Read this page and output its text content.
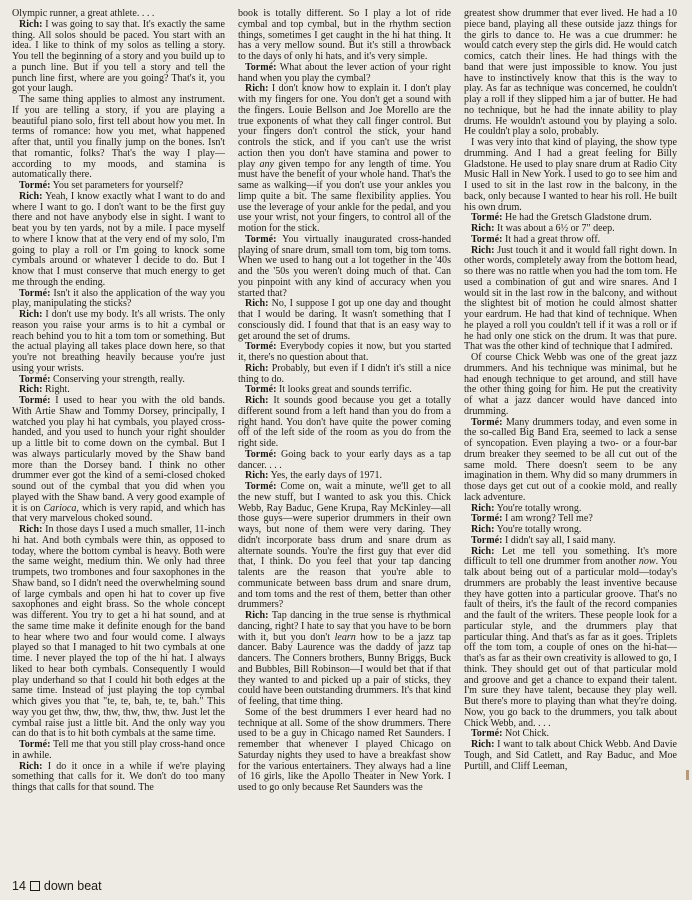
Olympic runner, a great athlete. . . .

Rich: I was going to say that. It's exactly the same thing. All solos should be paced. You start with an idea. I like to think of my solos as telling a story. You tell the beginning of a story and you build up to a punch line. But if you tell a story and tell the punch line first, where are you going? That's it, you got your laugh.

The same thing applies to almost any instrument. If you are telling a story, if you are playing a beautiful piano solo, first tell about how you met. In terms of romance: how you met, what happened after that, until you finally jump on the bones. Isn't that romantic, folks? That's the way I play—according to my moods, and stamina is automatically there.

Tormé: You set parameters for yourself?

Rich: Yeah, I know exactly what I want to do and where I want to go. I don't want to be the first guy there and not have anybody else in sight. I want to beat you by ten yards, not by a mile. I pace myself to where I know that at the very end of my solo, I'm going to play a roll or I'm going to knock some cymbals around or whatever I decide to do. But I know that I must conserve that much energy to get me through the ending.

Tormé: Isn't it also the application of the way you play, manipulating the sticks?

Rich: I don't use my body. It's all wrists. The only reason you raise your arms is to hit a cymbal or reach behind you to hit a tom tom or something. But the actual playing all takes place down here, so that you're not breathing heavily because you're just using your wrists.

Tormé: Conserving your strength, really.

Rich: Right.

Tormé: I used to hear you with the old bands. With Artie Shaw and Tommy Dorsey, principally, I watched you play hi hat cymbals, you played cross-handed, and you used to hunch your right shoulder up a little bit to come down on the cymbal. But I was always particularly moved by the Shaw band more than the Dorsey band. I think no other drummer ever got the kind of a semi-closed choked sound out of the cymbal that you did when you played with the Shaw band. A very good example of it is on Carioca, which is very rapid, and which has that very marvelous choked sound.

Rich: In those days I used a much smaller, 11-inch hi hat. And both cymbals were thin, as opposed to today, where the bottom cymbal is heavy. Both were the same weight, medium thin. We only had three trumpets, two trombones and four saxophones in the Shaw band, so I didn't need the overwhelming sound of large cymbals and open hi hat to cover up five saxophones and eight brass. So the whole concept was different. You try to get a hi hat sound, and at the same time make it definite enough for the band to hear where two and four would come. I always played so that I managed to hit two cymbals at one time. I never played the top of the hi hat. I always liked to hear both cymbals. Consequently I would play underhand so that I could hit both edges at the same time. Instead of just playing the top cymbal which gives you that "te, te, bah, te, te, bah." This way you get thw, thw, thw, thw, thw, thw. Just let the cymbal raise just a little bit. And the only way you can do that is to hit both cymbals at the same time.

Tormé: Tell me that you still play cross-hand once in awhile.

Rich: I do it once in a while if we're playing something that calls for it. We don't do too many things that calls for that sound. The

book is totally different. So I play a lot of ride cymbal and top cymbal, but in the rhythm section things, sometimes I get caught in the hi hat thing. It has a very mellow sound. But it's still a throwback to the days of only hi hats, and it's very simple.

Tormé: What about the lever action of your right hand when you play the cymbal?

Rich: I don't know how to explain it. I don't play with my fingers for one. You don't get a sound with the fingers. Louie Bellson and Joe Morello are the true exponents of what they call finger control. But your fingers don't control the stick, your hand controls the stick, and if you can't use the wrist action then you don't have stamina and power to play any given tempo for any length of time. You must have the benefit of your whole hand. That's the same as walking—if you don't use your ankles you limp quite a bit. The same flexibility applies. You use the leverage of your ankle for the pedal, and you use your wrist, not your fingers, to control all of the motion for the stick.

Tormé: You virtually inaugurated cross-handed playing of snare drum, small tom tom, big tom toms. When we used to hang out a lot together in the '40s and the '50s you weren't doing much of that. Can you pinpoint with any kind of accuracy when you started that?

Rich: No, I suppose I got up one day and thought that I would be daring. It wasn't something that I consciously did. I found that that is an easy way to get around the set of drums.

Tormé: Everybody copies it now, but you started it, there's no question about that.

Rich: Probably, but even if I didn't it's still a nice thing to do.

Tormé: It looks great and sounds terrific.

Rich: It sounds good because you get a totally different sound from a left hand than you do from a right hand. You don't have quite the power coming off of the left side of the room as you do from the right side.

Tormé: Going back to your early days as a tap dancer. . . .

Rich: Yes, the early days of 1971.

Tormé: Come on, wait a minute, we'll get to all the new stuff, but I wanted to ask you this. Chick Webb, Ray Baduc, Gene Krupa, Ray McKinley—all those guys—were superior drummers in their own ways, but none of them were very daring. They didn't incorporate bass drum and snare drum as alternate sounds. You're the first guy that ever did that, I think. Do you feel that your tap dancing talents are the reason that you're able to communicate between bass drum and snare drum, and tom toms and the rest of them, better than other drummers?

Rich: Tap dancing in the true sense is rhythmical dancing, right? I hate to say that you have to be born with it, but you don't learn how to be a jazz tap dancer. Baby Laurence was the daddy of jazz tap dancers. The Conners brothers, Bunny Briggs, Buck and Bubbles, Bill Robinson—I would bet that if that they wanted to and picked up a pair of sticks, they could have been outstanding drummers. It's that kind of feeling, that time thing.

Some of the best drummers I ever heard had no technique at all. Some of the show drummers. There used to be a guy in Chicago named Ret Saunders. I remember that whenever I played Chicago on Saturday nights they used to have a breakfast show for the various entertainers. They always had a line of 16 girls, like the Apollo Theater in New York. I used to go only because Ret Saunders was the

greatest show drummer that ever lived. He had a 10 piece band, playing all these outside jazz things for the girls to dance to. He was a cue drummer: he would catch every step the girls did. He would catch comics, catch their lines. He had things with the band that were just impossible to know. You just have to instinctively know that this is the way to play. As far as technique was concerned, he couldn't play a roll if they slipped him a jar of butter. He had no technique, but he had the innate ability to play drums. He wouldn't astound you by playing a solo. He couldn't play a solo, probably.

I was very into that kind of playing, the show type drumming. And I had a great feeling for Billy Gladstone. He used to play snare drum at Radio City Music Hall in New York. I used to go to see him and I used to sit in the last row in the balcony, in the back, only because I wanted to hear his roll. He built his own drum.

Tormé: He had the Gretsch Gladstone drum.

Rich: It was about a 6½ or 7" deep.

Tormé: It had a great throw off.

Rich: Just touch it and it would fall right down. In other words, completely away from the bottom head, so there was no rattle when you had the tom tom. He used a combination of gut and wire snares. And I would sit in the last row in the balcony, and without the slightest bit of motion he could almost shatter your eardrum. He had that kind of technique. When he played a roll you couldn't tell if it was a roll or if he had only one stick on the drum. It was that pure. That was the other kind of technique that I admired.

Of course Chick Webb was one of the great jazz drummers. And his technique was minimal, but he had enough technique to get around, and still have the other thing going for him. He put the creativity of what a jazz dancer would have danced into drumming.

Tormé: Many drummers today, and even some in the so-called Big Band Era, seemed to lack a sense of syncopation. Even playing a two- or a four-bar drum breaker they seemed to be all cut out of the same mold. There doesn't seem to be any imagination in them. Why did so many drummers in those days get cut out of a cookie mold, and really lack adventure.

Rich: You're totally wrong.

Tormé: I am wrong? Tell me?

Rich: You're totally wrong.

Tormé: I didn't say all, I said many.

Rich: Let me tell you something. It's more difficult to tell one drummer from another now. You talk about being out of a particular mold—today's drummers are probably the least inventive because they have gotten into a particular groove. That's no fault of theirs, it's the fault of the record companies and the fault of the writers. These people look for a particular style, and the drummers play that particular thing. And that's as far as it goes. Triplets off the tom tom, a couple of ones on the hi-hat—that's as far as their own creativity is allowed to go, I think. They should get out of that particular mold and groove and get a chance to expand their talent. I'm sure they have talent, because they play well. But there's more to playing than what they're doing. Now, you go back to the drummers, you talk about Chick Webb, and. . . .

Tormé: Not Chick.

Rich: I want to talk about Chick Webb. And Davie Tough, and Sid Catlett, and Ray Baduc, and Moe Purtill, and Cliff Leeman,

14 down beat
